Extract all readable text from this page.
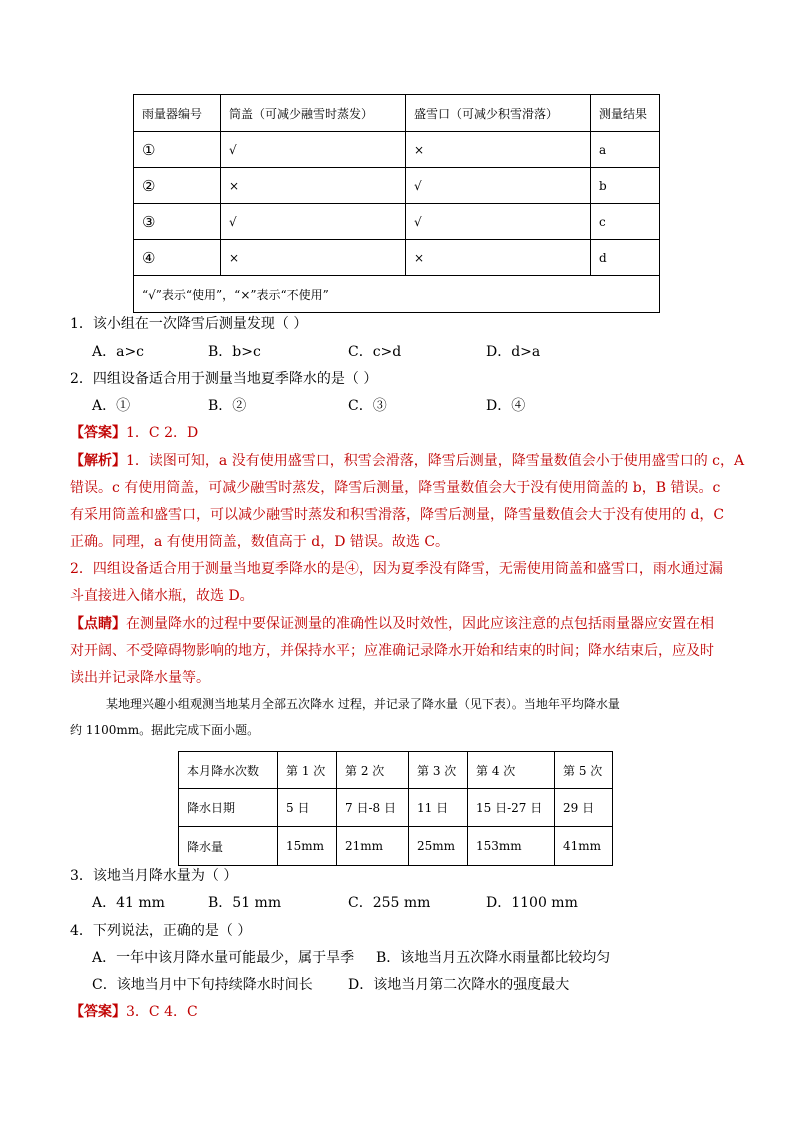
雨量器编号	筒盖（可减少融雪时蒸发）	盛雪口（可减少积雪滑落）	测量结果
①	√	×	a
②	×	√	b
③	√	√	c
④	×	×	d
“√”表示“使用”，“×”表示“不使用”			
1．该小组在一次降雪后测量发现（ ）
A．a>c	B．b>c	C．c>d	D．d>a
2．四组设备适合用于测量当地夏季降水的是（ ）
A．①	B．②	C．③	D．④
【答案】1．C 2．D
【解析】1．读图可知，a 没有使用盛雪口，积雪会滑落，降雪后测量，降雪量数值会小于使用盛雪口的 c，A
错误。c 有使用筒盖，可减少融雪时蒸发，降雪后测量，降雪量数值会大于没有使用筒盖的 b，B 错误。c
有采用筒盖和盛雪口，可以减少融雪时蒸发和积雪滑落，降雪后测量，降雪量数值会大于没有使用的 d，C
正确。同理，a 有使用筒盖，数值高于 d，D 错误。故选 C。
2．四组设备适合用于测量当地夏季降水的是④，因为夏季没有降雪，无需使用筒盖和盛雪口，雨水通过漏
斗直接进入储水瓶，故选 D。
【点睛】在测量降水的过程中要保证测量的准确性以及时效性，因此应该注意的点包括雨量器应安置在相
对开阔、不受障碍物影响的地方，并保持水平；应准确记录降水开始和结束的时间；降水结束后，应及时
读出并记录降水量等。
某地理兴趣小组观测当地某月全部五次降水 过程，并记录了降水量（见下表）。当地年平均降水量
约 1100mm。据此完成下面小题。
本月降水次数	第 1 次	第 2 次	第 3 次	第 4 次	第 5 次
降水日期	5 日	7 日-8 日	11 日	15 日-27 日	29 日
降水量	15mm	21mm	25mm	153mm	41mm
3．该地当月降水量为（ ）
A．41 mm	B．51 mm	C．255 mm	D．1100 mm
4．下列说法，正确的是（ ）
A．一年中该月降水量可能最少，属于旱季 B．该地当月五次降水雨量都比较均匀
C．该地当月中下旬持续降水时间长	D．该地当月第二次降水的强度最大
【答案】3．C 4．C
